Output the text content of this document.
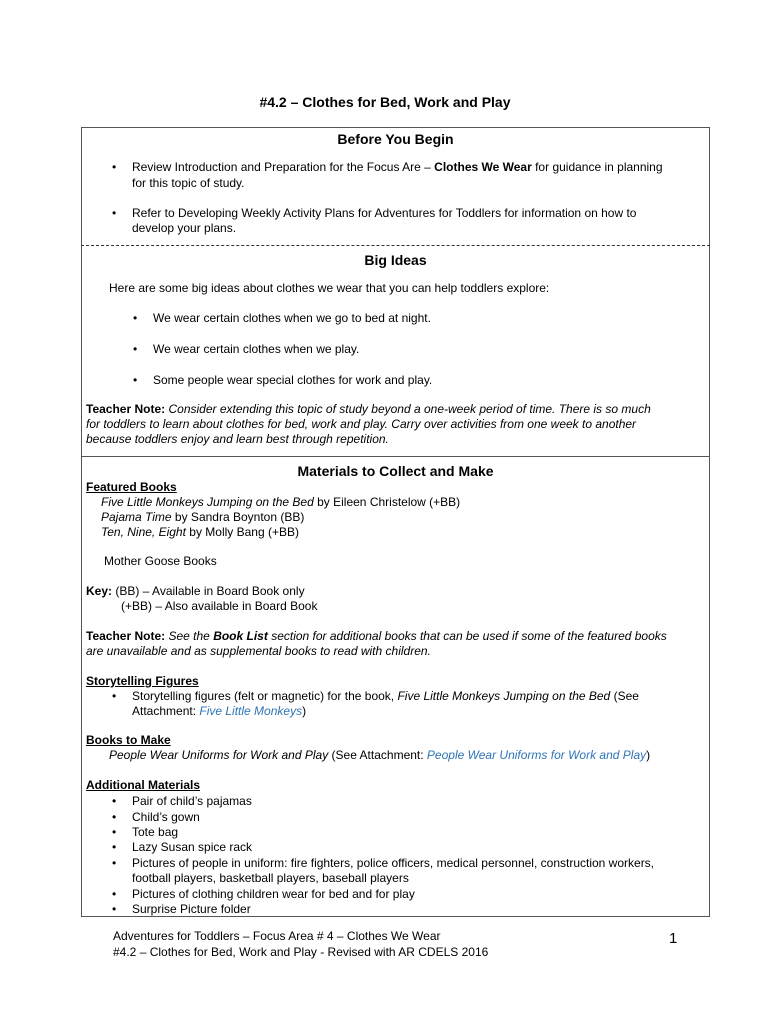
#4.2 – Clothes for Bed, Work and Play
Before You Begin
• Review Introduction and Preparation for the Focus Are – Clothes We Wear for guidance in planning
for this topic of study.
• Refer to Developing Weekly Activity Plans for Adventures for Toddlers for information on how to
develop your plans.
Big Ideas
Here are some big ideas about clothes we wear that you can help toddlers explore:
• We wear certain clothes when we go to bed at night.
• We wear certain clothes when we play.
• Some people wear special clothes for work and play.
Teacher Note: Consider extending this topic of study beyond a one-week period of time. There is so much
for toddlers to learn about clothes for bed, work and play. Carry over activities from one week to another
because toddlers enjoy and learn best through repetition.
Materials to Collect and Make
Featured Books
Five Little Monkeys Jumping on the Bed by Eileen Christelow (+BB)
Pajama Time by Sandra Boynton (BB)
Ten, Nine, Eight by Molly Bang (+BB)
Mother Goose Books
Key: (BB) – Available in Board Book only
(+BB) – Also available in Board Book
Teacher Note: See the Book List section for additional books that can be used if some of the featured books
are unavailable and as supplemental books to read with children.
Storytelling Figures
• Storytelling figures (felt or magnetic) for the book, Five Little Monkeys Jumping on the Bed (See
Attachment: Five Little Monkeys)
Books to Make
People Wear Uniforms for Work and Play (See Attachment: People Wear Uniforms for Work and Play)
Additional Materials
• Pair of child’s pajamas
• Child’s gown
• Tote bag
• Lazy Susan spice rack
• Pictures of people in uniform: fire fighters, police officers, medical personnel, construction workers,
football players, basketball players, baseball players
• Pictures of clothing children wear for bed and for play
• Surprise Picture folder
Adventures for Toddlers – Focus Area # 4 – Clothes We Wear
#4.2 – Clothes for Bed, Work and Play - Revised with AR CDELS 2016
1
